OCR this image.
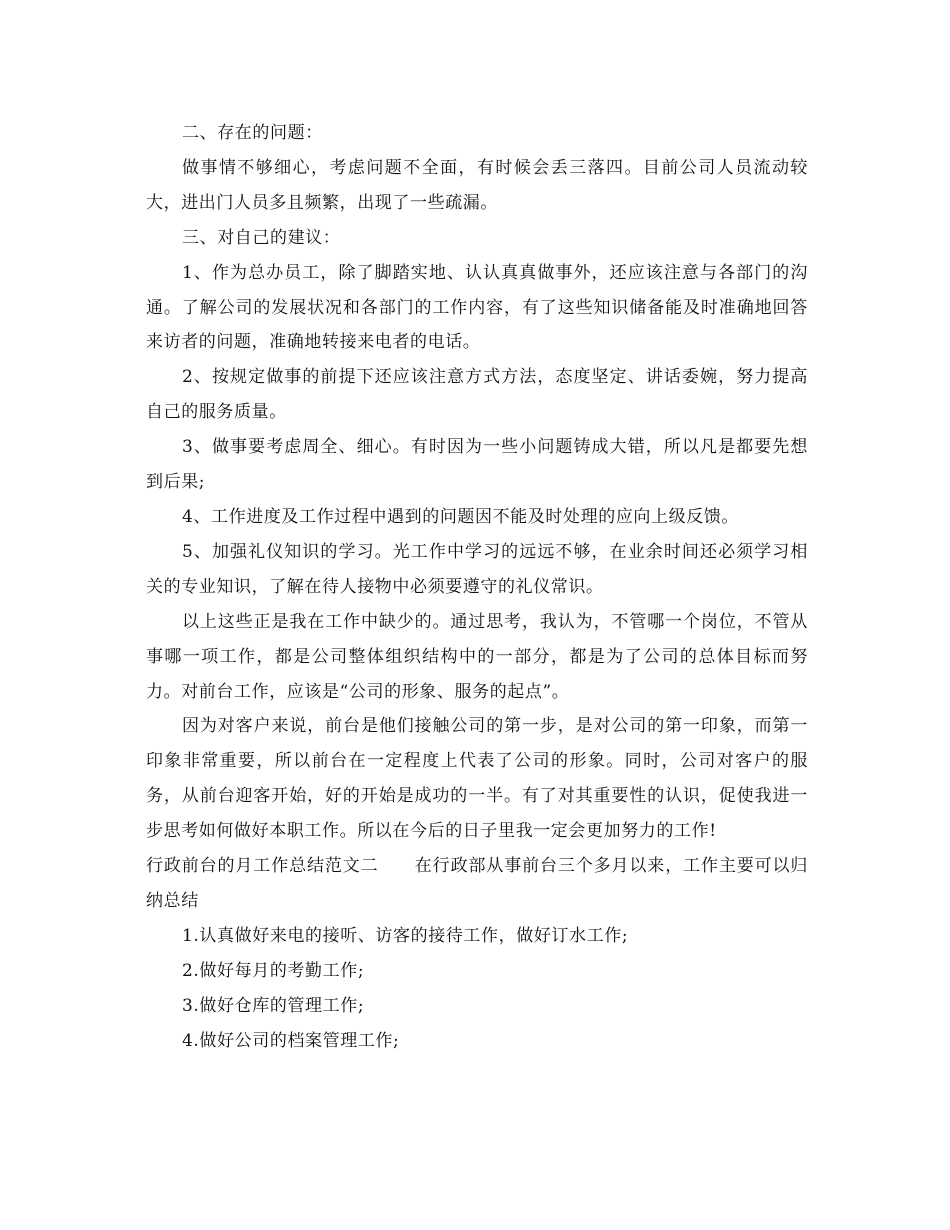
二、存在的问题：

做事情不够细心，考虑问题不全面，有时候会丢三落四。目前公司人员流动较大，进出门人员多且频繁，出现了一些疏漏。

三、对自己的建议：

1、作为总办员工，除了脚踏实地、认认真真做事外，还应该注意与各部门的沟通。了解公司的发展状况和各部门的工作内容，有了这些知识储备能及时准确地回答来访者的问题，准确地转接来电者的电话。

2、按规定做事的前提下还应该注意方式方法，态度坚定、讲话委婉，努力提高自己的服务质量。

3、做事要考虑周全、细心。有时因为一些小问题铸成大错，所以凡是都要先想到后果;

4、工作进度及工作过程中遇到的问题因不能及时处理的应向上级反馈。

5、加强礼仪知识的学习。光工作中学习的远远不够，在业余时间还必须学习相关的专业知识，了解在待人接物中必须要遵守的礼仪常识。

以上这些正是我在工作中缺少的。通过思考，我认为，不管哪一个岗位，不管从事哪一项工作，都是公司整体组织结构中的一部分，都是为了公司的总体目标而努力。对前台工作，应该是“公司的形象、服务的起点”。

因为对客户来说，前台是他们接触公司的第一步，是对公司的第一印象，而第一印象非常重要，所以前台在一定程度上代表了公司的形象。同时，公司对客户的服务，从前台迎客开始，好的开始是成功的一半。有了对其重要性的认识，促使我进一步思考如何做好本职工作。所以在今后的日子里我一定会更加努力的工作!

行政前台的月工作总结范文二 在行政部从事前台三个多月以来，工作主要可以归纳总结

1.认真做好来电的接听、访客的接待工作，做好订水工作;

2.做好每月的考勤工作;

3.做好仓库的管理工作;

4.做好公司的档案管理工作;
